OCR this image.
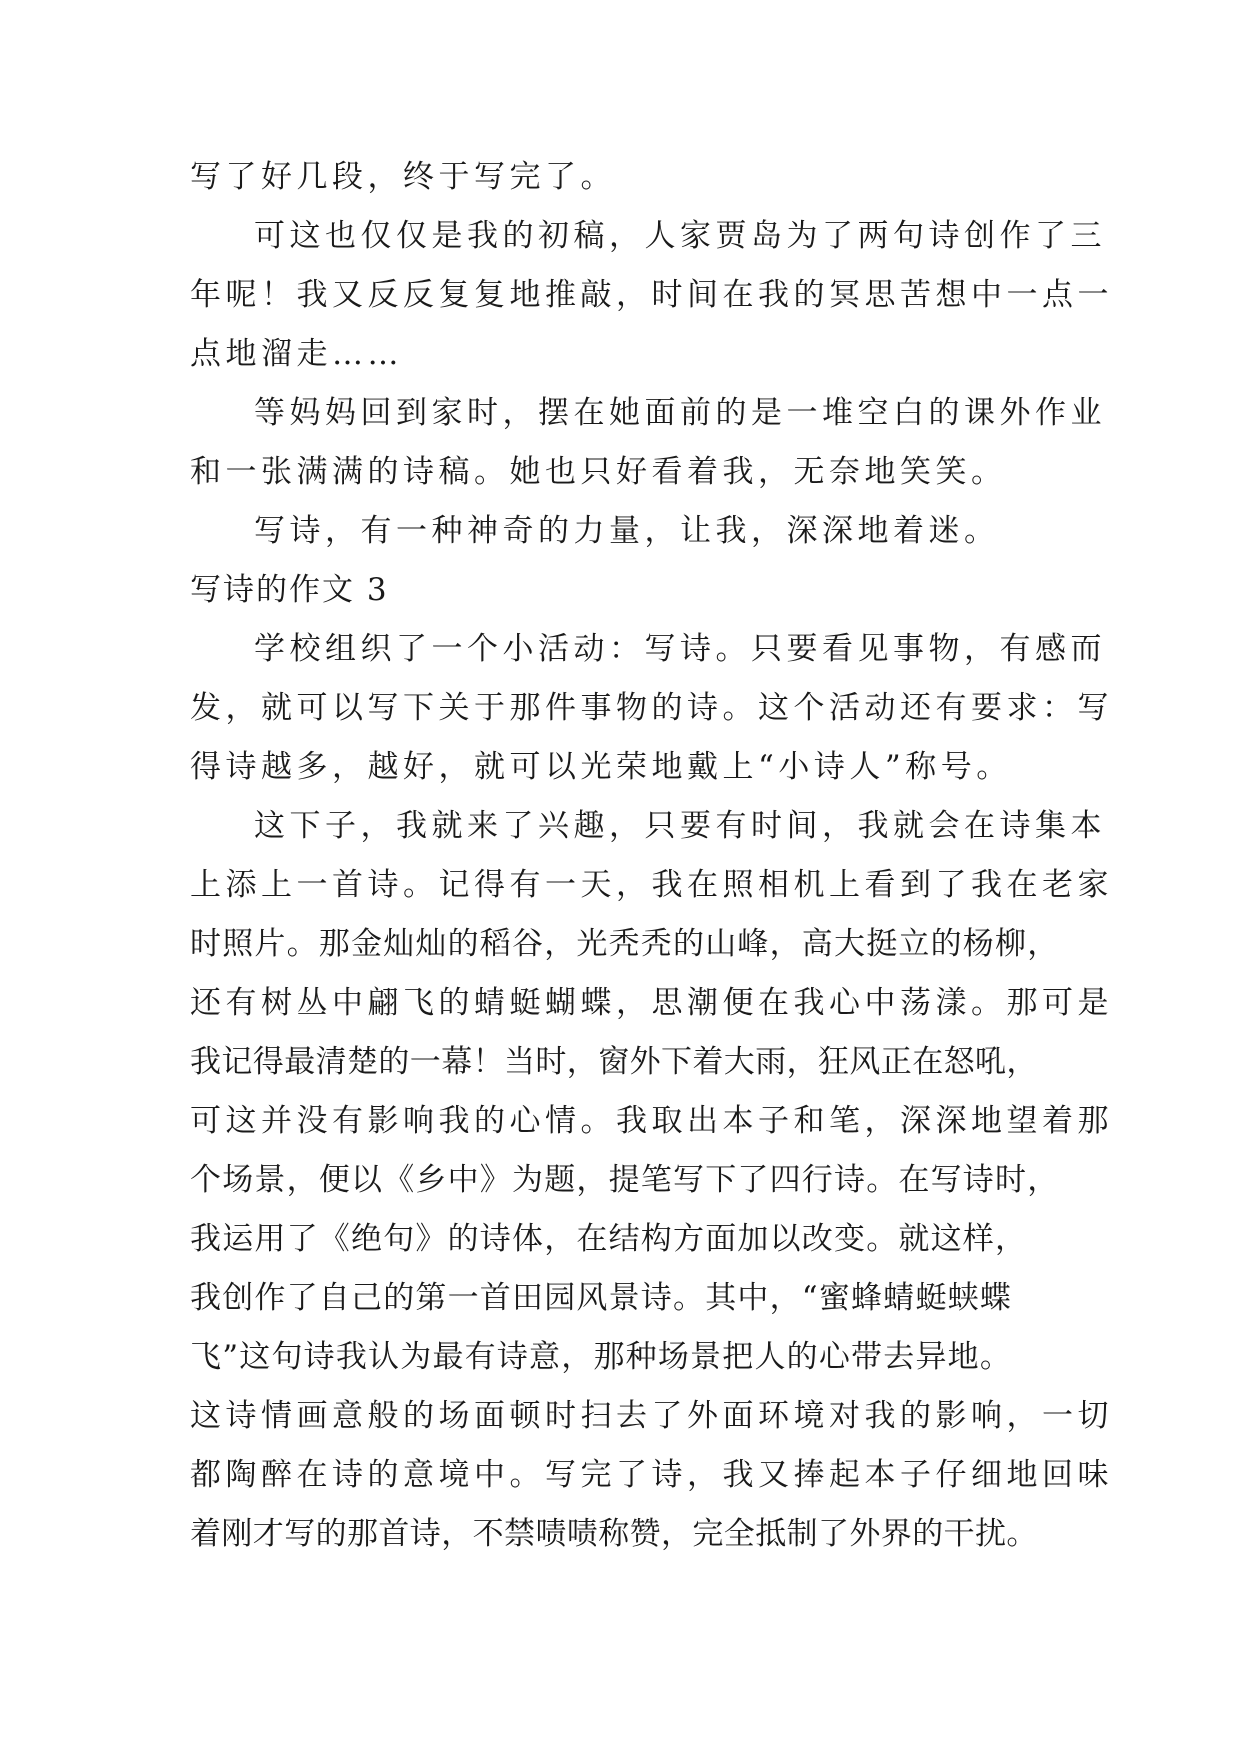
写了好几段，终于写完了。
可这也仅仅是我的初稿，人家贾岛为了两句诗创作了三
年呢！我又反反复复地推敲，时间在我的冥思苦想中一点一
点地溜走……
等妈妈回到家时，摆在她面前的是一堆空白的课外作业
和一张满满的诗稿。她也只好看着我，无奈地笑笑。
写诗，有一种神奇的力量，让我，深深地着迷。
写诗的作文 3
学校组织了一个小活动：写诗。只要看见事物，有感而
发，就可以写下关于那件事物的诗。这个活动还有要求：写
得诗越多，越好，就可以光荣地戴上“小诗人”称号。
这下子，我就来了兴趣，只要有时间，我就会在诗集本
上添上一首诗。记得有一天，我在照相机上看到了我在老家
时照片。那金灿灿的稻谷，光秃秃的山峰，高大挺立的杨柳，
还有树丛中翩飞的蜻蜓蝴蝶，思潮便在我心中荡漾。那可是
我记得最清楚的一幕！当时，窗外下着大雨，狂风正在怒吼，
可这并没有影响我的心情。我取出本子和笔，深深地望着那
个场景，便以《乡中》为题，提笔写下了四行诗。在写诗时，
我运用了《绝句》的诗体，在结构方面加以改变。就这样，
我创作了自己的第一首田园风景诗。其中，“蜜蜂蜻蜓蛱蝶
飞”这句诗我认为最有诗意，那种场景把人的心带去异地。
这诗情画意般的场面顿时扫去了外面环境对我的影响，一切
都陶醉在诗的意境中。写完了诗，我又捧起本子仔细地回味
着刚才写的那首诗，不禁啧啧称赞，完全抵制了外界的干扰。
